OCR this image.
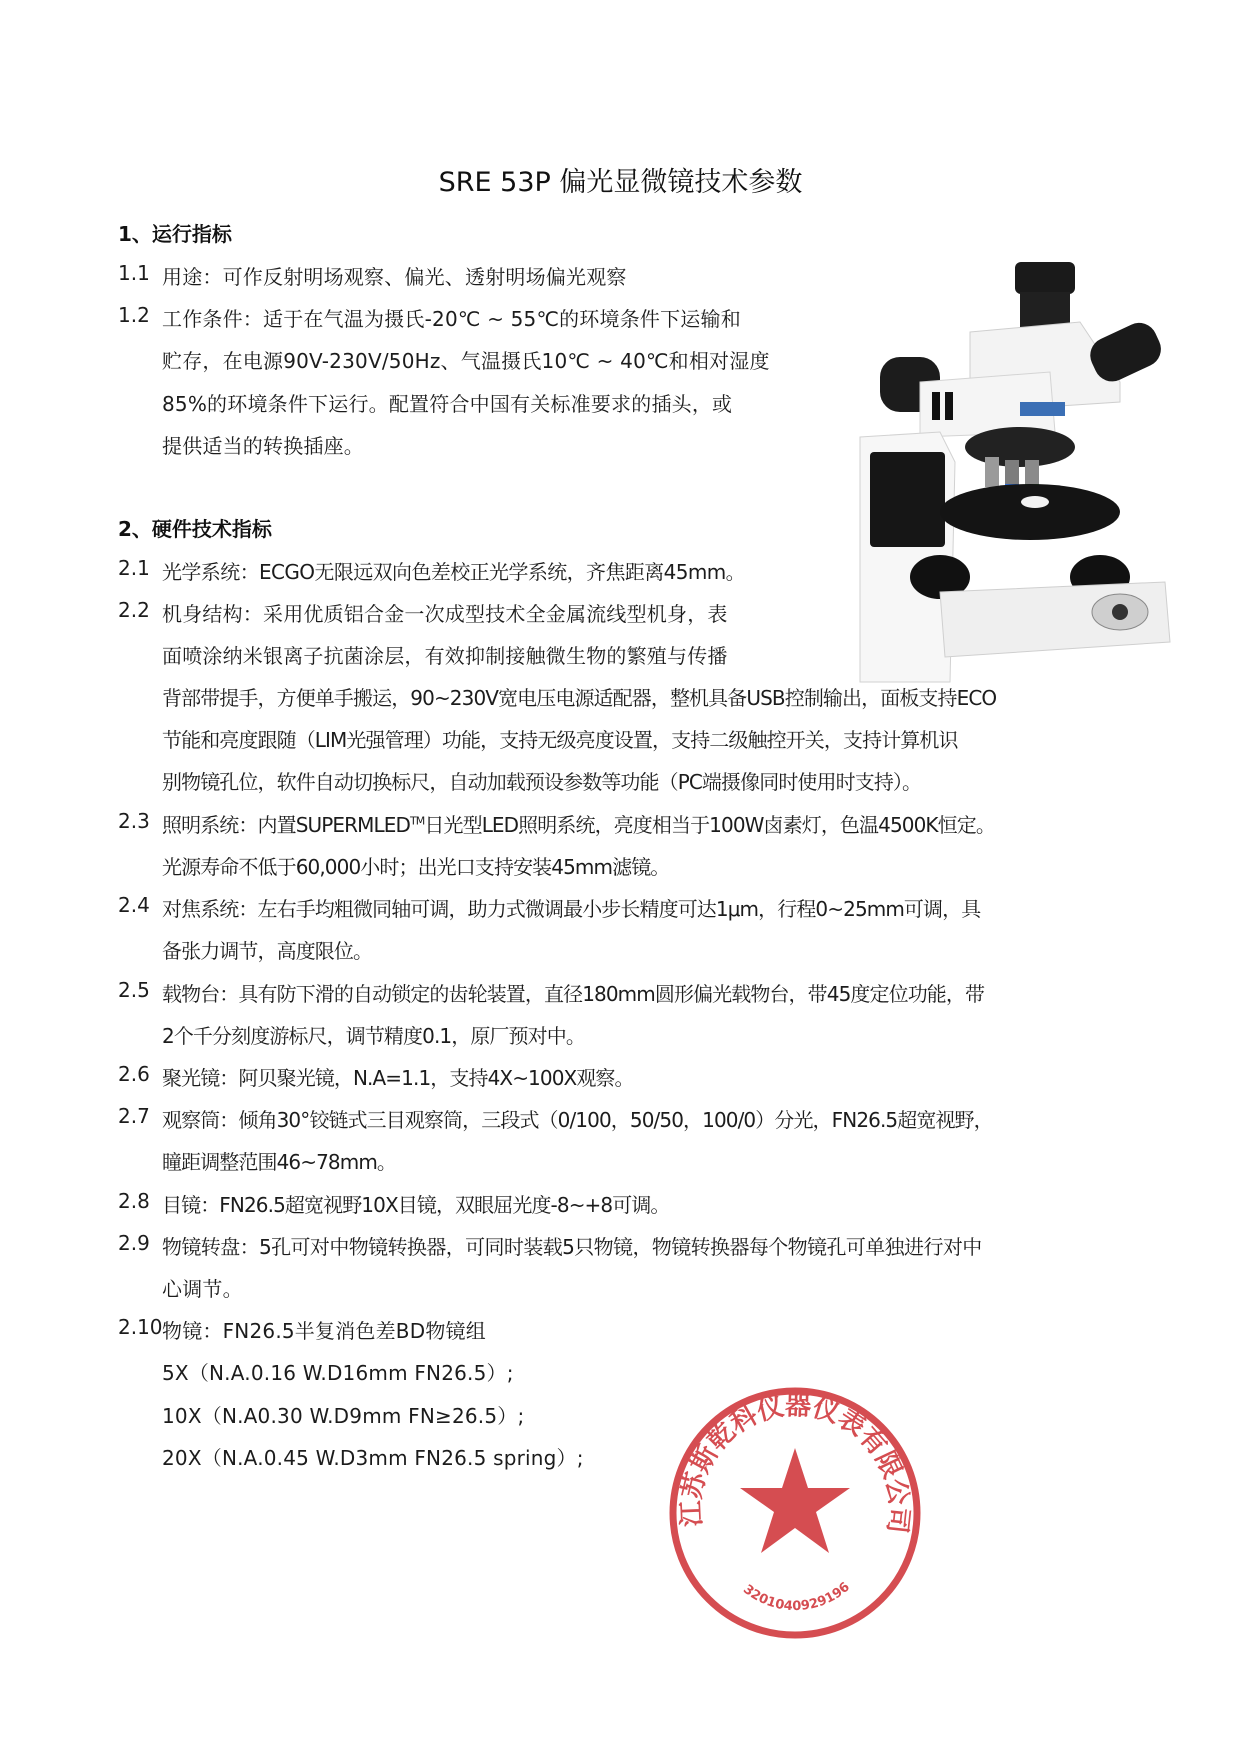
SRE 53P 偏光显微镜技术参数
1、运行指标
1.1 用途：可作反射明场观察、偏光、透射明场偏光观察
1.2 工作条件：适于在气温为摄氏-20℃ ~ 55℃的环境条件下运输和
贮存，在电源90V-230V/50Hz、气温摄氏10℃ ~ 40℃和相对湿度
85%的环境条件下运行。配置符合中国有关标准要求的插头，或
提供适当的转换插座。
2、硬件技术指标
2.1 光学系统：ECGO无限远双向色差校正光学系统，齐焦距离45mm。
2.2 机身结构：采用优质铝合金一次成型技术全金属流线型机身，表
面喷涂纳米银离子抗菌涂层，有效抑制接触微生物的繁殖与传播
背部带提手，方便单手搬运，90~230V宽电压电源适配器，整机具备USB控制输出，面板支持ECO
节能和亮度跟随（LIM光强管理）功能，支持无级亮度设置，支持二级触控开关，支持计算机识
别物镜孔位，软件自动切换标尺，自动加载预设参数等功能（PC端摄像同时使用时支持）。
2.3 照明系统：内置SUPERMLED™日光型LED照明系统，亮度相当于100W卤素灯，色温4500K恒定。
光源寿命不低于60,000小时；出光口支持安装45mm滤镜。
2.4 对焦系统：左右手均粗微同轴可调，助力式微调最小步长精度可达1μm，行程0~25mm可调，具
备张力调节，高度限位。
2.5 载物台：具有防下滑的自动锁定的齿轮装置，直径180mm圆形偏光载物台，带45度定位功能，带
2个千分刻度游标尺，调节精度0.1，原厂预对中。
2.6 聚光镜：阿贝聚光镜，N.A=1.1，支持4X~100X观察。
2.7 观察筒：倾角30°铰链式三目观察筒，三段式（0/100，50/50，100/0）分光，FN26.5超宽视野，
瞳距调整范围46~78mm。
2.8 目镜：FN26.5超宽视野10X目镜，双眼屈光度-8~+8可调。
2.9 物镜转盘：5孔可对中物镜转换器，可同时装载5只物镜，物镜转换器每个物镜孔可单独进行对中
心调节。
2.10 物镜：FN26.5半复消色差BD物镜组
5X（N.A.0.16 W.D16mm FN26.5）;
10X（N.A0.30 W.D9mm FN≥26.5）;
20X（N.A.0.45 W.D3mm FN26.5 spring）;
江苏斯乾科仪器仪表有限公司
3201040929196
